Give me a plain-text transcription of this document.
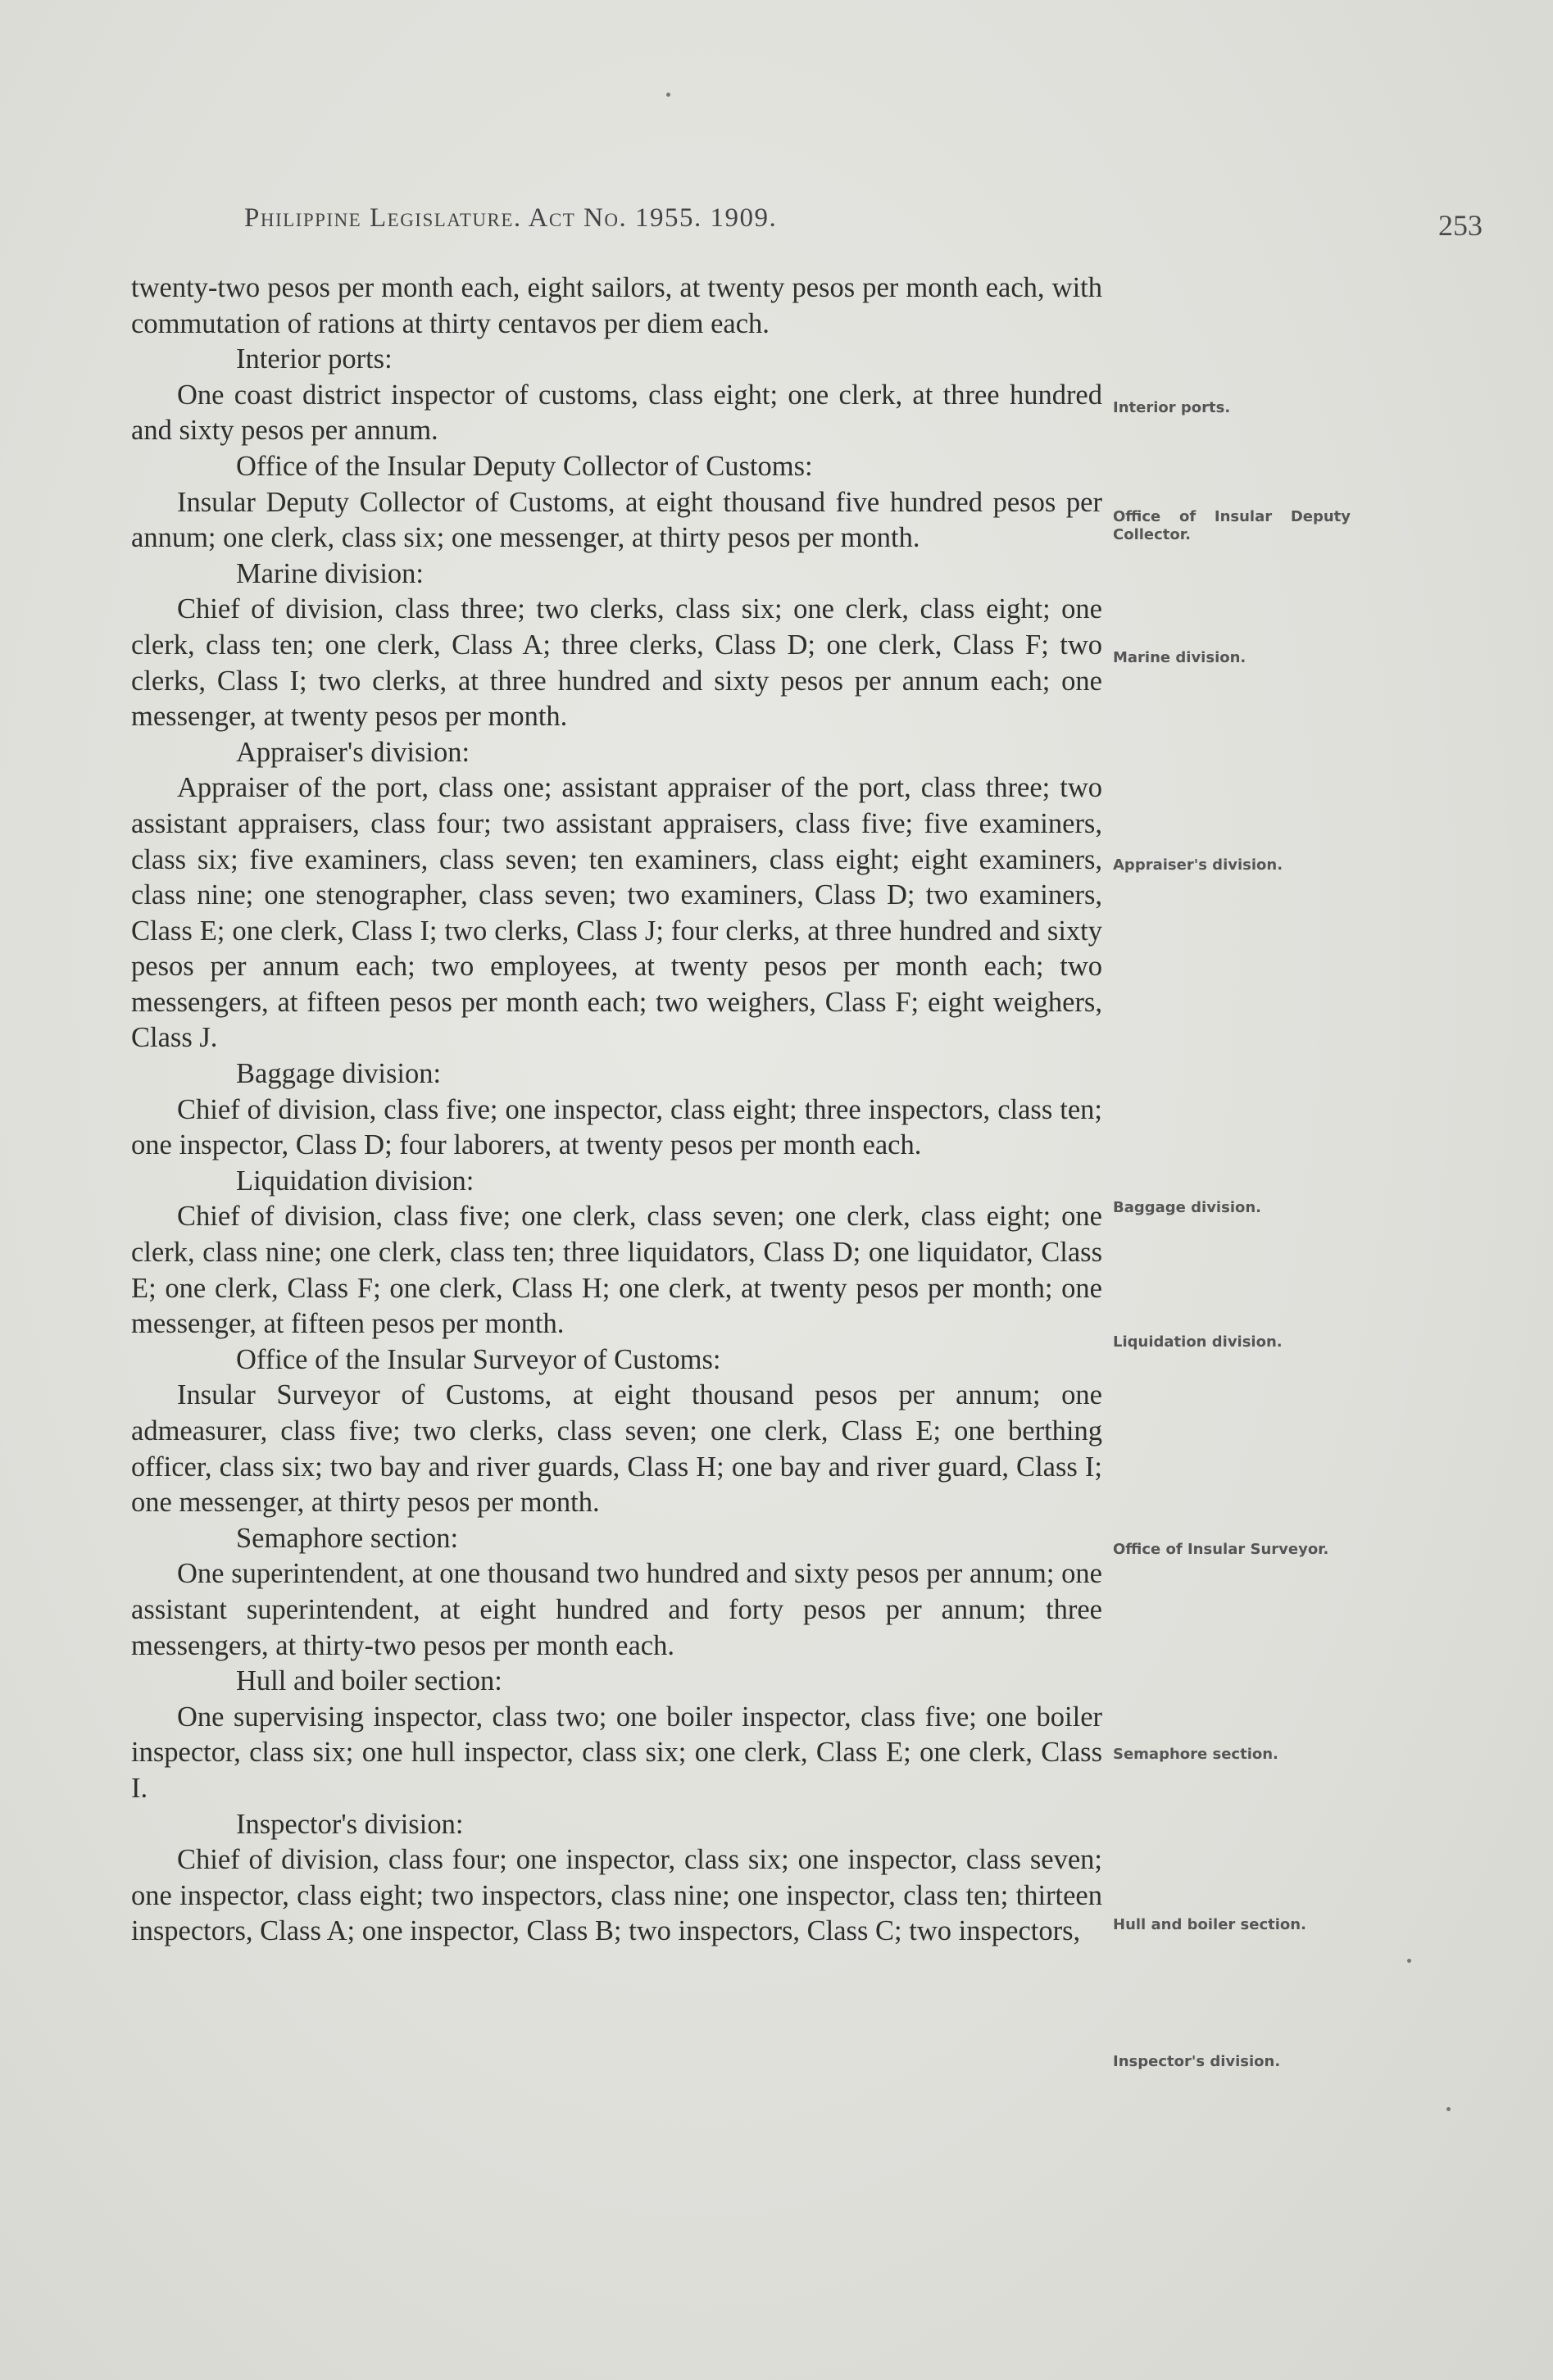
Philippine Legislature. Act No. 1955. 1909.	253

twenty-two pesos per month each, eight sailors, at twenty pesos per month each, with commutation of rations at thirty centavos per diem each.

Interior ports:

One coast district inspector of customs, class eight; one clerk, at three hundred and sixty pesos per annum.

Office of the Insular Deputy Collector of Customs:

Insular Deputy Collector of Customs, at eight thousand five hundred pesos per annum; one clerk, class six; one messenger, at thirty pesos per month.

Marine division:

Chief of division, class three; two clerks, class six; one clerk, class eight; one clerk, class ten; one clerk, Class A; three clerks, Class D; one clerk, Class F; two clerks, Class I; two clerks, at three hundred and sixty pesos per annum each; one messenger, at twenty pesos per month.

Appraiser's division:

Appraiser of the port, class one; assistant appraiser of the port, class three; two assistant appraisers, class four; two assistant appraisers, class five; five examiners, class six; five examiners, class seven; ten examiners, class eight; eight examiners, class nine; one stenographer, class seven; two examiners, Class D; two examiners, Class E; one clerk, Class I; two clerks, Class J; four clerks, at three hundred and sixty pesos per annum each; two employees, at twenty pesos per month each; two messengers, at fifteen pesos per month each; two weighers, Class F; eight weighers, Class J.

Baggage division:

Chief of division, class five; one inspector, class eight; three inspectors, class ten; one inspector, Class D; four laborers, at twenty pesos per month each.

Liquidation division:

Chief of division, class five; one clerk, class seven; one clerk, class eight; one clerk, class nine; one clerk, class ten; three liquidators, Class D; one liquidator, Class E; one clerk, Class F; one clerk, Class H; one clerk, at twenty pesos per month; one messenger, at fifteen pesos per month.

Office of the Insular Surveyor of Customs:

Insular Surveyor of Customs, at eight thousand pesos per annum; one admeasurer, class five; two clerks, class seven; one clerk, Class E; one berthing officer, class six; two bay and river guards, Class H; one bay and river guard, Class I; one messenger, at thirty pesos per month.

Semaphore section:

One superintendent, at one thousand two hundred and sixty pesos per annum; one assistant superintendent, at eight hundred and forty pesos per annum; three messengers, at thirty-two pesos per month each.

Hull and boiler section:

One supervising inspector, class two; one boiler inspector, class five; one boiler inspector, class six; one hull inspector, class six; one clerk, Class E; one clerk, Class I.

Inspector's division:

Chief of division, class four; one inspector, class six; one inspector, class seven; one inspector, class eight; two inspectors, class nine; one inspector, class ten; thirteen inspectors, Class A; one inspector, Class B; two inspectors, Class C; two inspectors,

Interior ports.
Office of Insular Deputy Collector.
Marine division.
Appraiser's division.
Baggage division.
Liquidation division.
Office of Insular Surveyor.
Semaphore section.
Hull and boiler section.
Inspector's division.
